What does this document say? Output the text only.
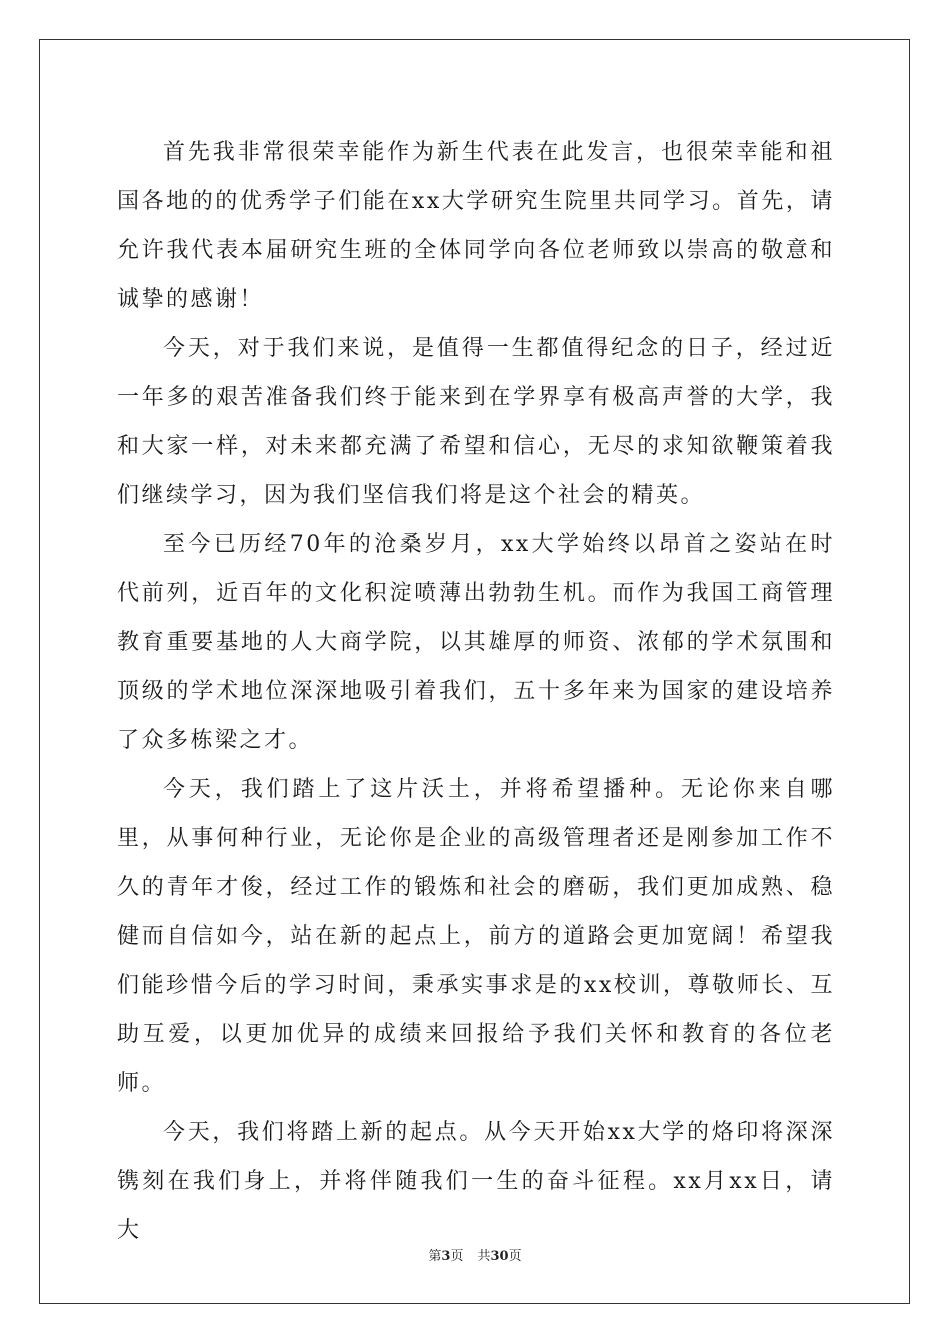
首先我非常很荣幸能作为新生代表在此发言，也很荣幸能和祖国各地的的优秀学子们能在xx大学研究生院里共同学习。首先，请允许我代表本届研究生班的全体同学向各位老师致以崇高的敬意和诚挚的感谢！

今天，对于我们来说，是值得一生都值得纪念的日子，经过近一年多的艰苦准备我们终于能来到在学界享有极高声誉的大学，我和大家一样，对未来都充满了希望和信心，无尽的求知欲鞭策着我们继续学习，因为我们坚信我们将是这个社会的精英。

至今已历经70年的沧桑岁月，xx大学始终以昂首之姿站在时代前列，近百年的文化积淀喷薄出勃勃生机。而作为我国工商管理教育重要基地的人大商学院，以其雄厚的师资、浓郁的学术氛围和顶级的学术地位深深地吸引着我们，五十多年来为国家的建设培养了众多栋梁之才。

今天，我们踏上了这片沃土，并将希望播种。无论你来自哪里，从事何种行业，无论你是企业的高级管理者还是刚参加工作不久的青年才俊，经过工作的锻炼和社会的磨砺，我们更加成熟、稳健而自信如今，站在新的起点上，前方的道路会更加宽阔！希望我们能珍惜今后的学习时间，秉承实事求是的xx校训，尊敬师长、互助互爱，以更加优异的成绩来回报给予我们关怀和教育的各位老师。

今天，我们将踏上新的起点。从今天开始xx大学的烙印将深深镌刻在我们身上，并将伴随我们一生的奋斗征程。xx月xx日，请大

第3页 共30页
